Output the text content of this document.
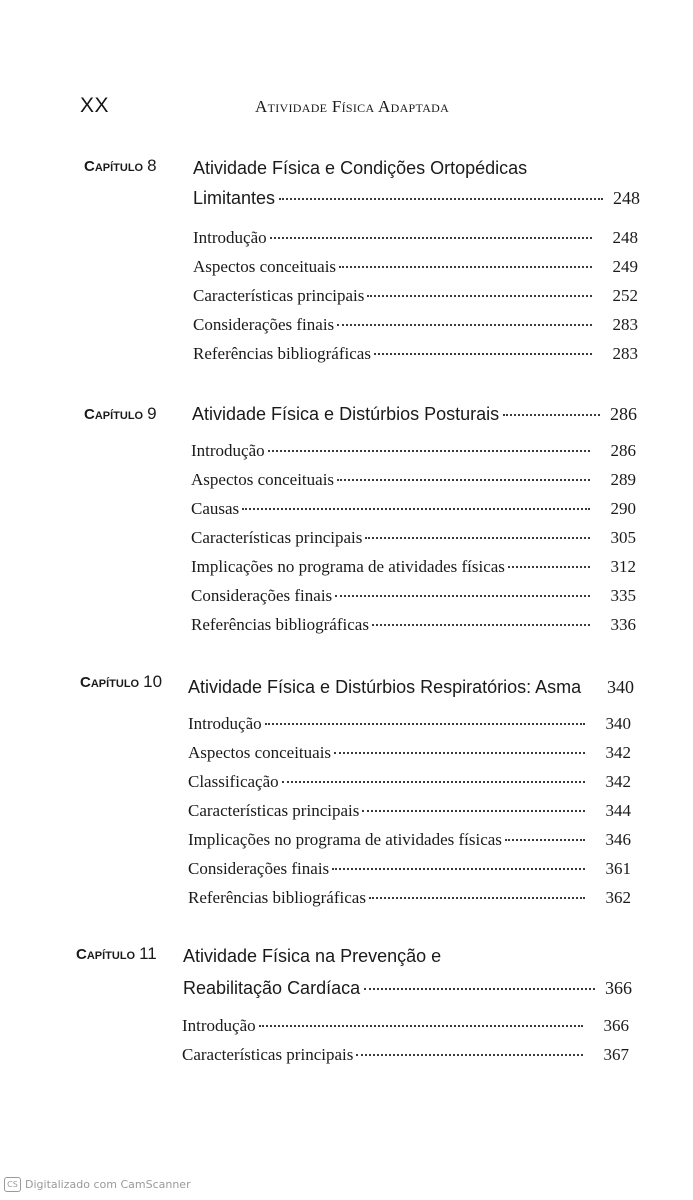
XX	Atividade Física Adaptada
Capítulo 8 Atividade Física e Condições Ortopédicas
Limitantes	248
Introdução	248
Aspectos conceituais	249
Características principais	252
Considerações finais	283
Referências bibliográficas	283
Capítulo 9 Atividade Física e Distúrbios Posturais	286
Introdução	286
Aspectos conceituais	289
Causas	290
Características principais	305
Implicações no programa de atividades físicas	312
Considerações finais	335
Referências bibliográficas	336
Capítulo 10 Atividade Física e Distúrbios Respiratórios: Asma 340
Introdução	340
Aspectos conceituais	342
Classificação	342
Características principais	344
Implicações no programa de atividades físicas	346
Considerações finais	361
Referências bibliográficas	362
Capítulo 11 Atividade Física na Prevenção e
Reabilitação Cardíaca	366
Introdução	366
Características principais	367
CS Digitalizado com CamScanner
